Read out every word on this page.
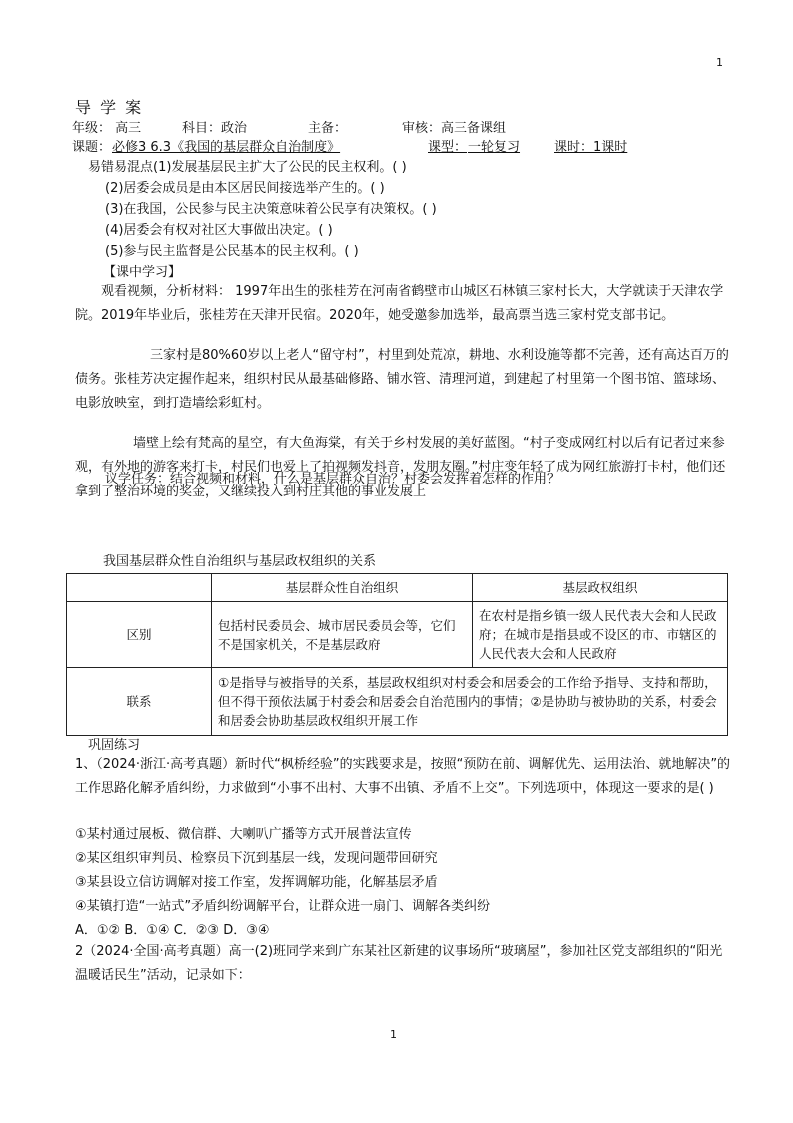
1
导 学 案
年级： 高三	科目：政治	主备：	审核：高三备课组
课题： 必修3 6.3《我国的基层群众自治制度》	课型： 一轮复习	课时：1课时
易错易混点(1)发展基层民主扩大了公民的民主权利。( )
(2)居委会成员是由本区居民间接选举产生的。( )
(3)在我国，公民参与民主决策意味着公民享有决策权。( )
(4)居委会有权对社区大事做出决定。( )
(5)参与民主监督是公民基本的民主权利。( )
【课中学习】
观看视频，分析材料： 1997年出生的张桂芳在河南省鹤壁市山城区石林镇三家村长大，大学就读于天津农学院。2019年毕业后，张桂芳在天津开民宿。2020年，她受邀参加选举，最高票当选三家村党支部书记。
三家村是80%60岁以上老人“留守村”，村里到处荒凉，耕地、水利设施等都不完善，还有高达百万的债务。张桂芳决定握作起来，组织村民从最基础修路、铺水管、清理河道，到建起了村里第一个图书馆、篮球场、电影放映室，到打造墙绘彩虹村。
墙壁上绘有梵高的星空，有大鱼海棠，有关于乡村发展的美好蓝图。“村子变成网红村以后有记者过来参观，有外地的游客来打卡，村民们也爱上了拍视频发抖音，发朋友圈。”村庄变年轻了成为网红旅游打卡村，他们还拿到了整治环境的奖金，又继续投入到村庄其他的事业发展上
议学任务：结合视频和材料，什么是基层群众自治？村委会发挥着怎样的作用？
我国基层群众性自治组织与基层政权组织的关系
	基层群众性自治组织	基层政权组织
区别	包括村民委员会、城市居民委员会等，它们不是国家机关，不是基层政府	在农村是指乡镇一级人民代表大会和人民政府；在城市是指县或不设区的市、市辖区的人民代表大会和人民政府
联系	①是指导与被指导的关系，基层政权组织对村委会和居委会的工作给予指导、支持和帮助，但不得干预依法属于村委会和居委会自治范围内的事情；②是协助与被协助的关系，村委会和居委会协助基层政权组织开展工作	
巩固练习
1、（2024·浙江·高考真题）新时代“枫桥经验”的实践要求是，按照“预防在前、调解优先、运用法治、就地解决”的工作思路化解矛盾纠纷，力求做到“小事不出村、大事不出镇、矛盾不上交”。下列选项中，体现这一要求的是( )
①某村通过展板、微信群、大喇叭广播等方式开展普法宣传
②某区组织审判员、检察员下沉到基层一线，发现问题带回研究
③某县设立信访调解对接工作室，发挥调解功能，化解基层矛盾
④某镇打造“一站式”矛盾纠纷调解平台，让群众进一扇门、调解各类纠纷
A．①② B．①④ C．②③ D．③④
2（2024·全国·高考真题）高一(2)班同学来到广东某社区新建的议事场所“玻璃屋”，参加社区党支部组织的“阳光温暖话民生”活动，记录如下：
1
